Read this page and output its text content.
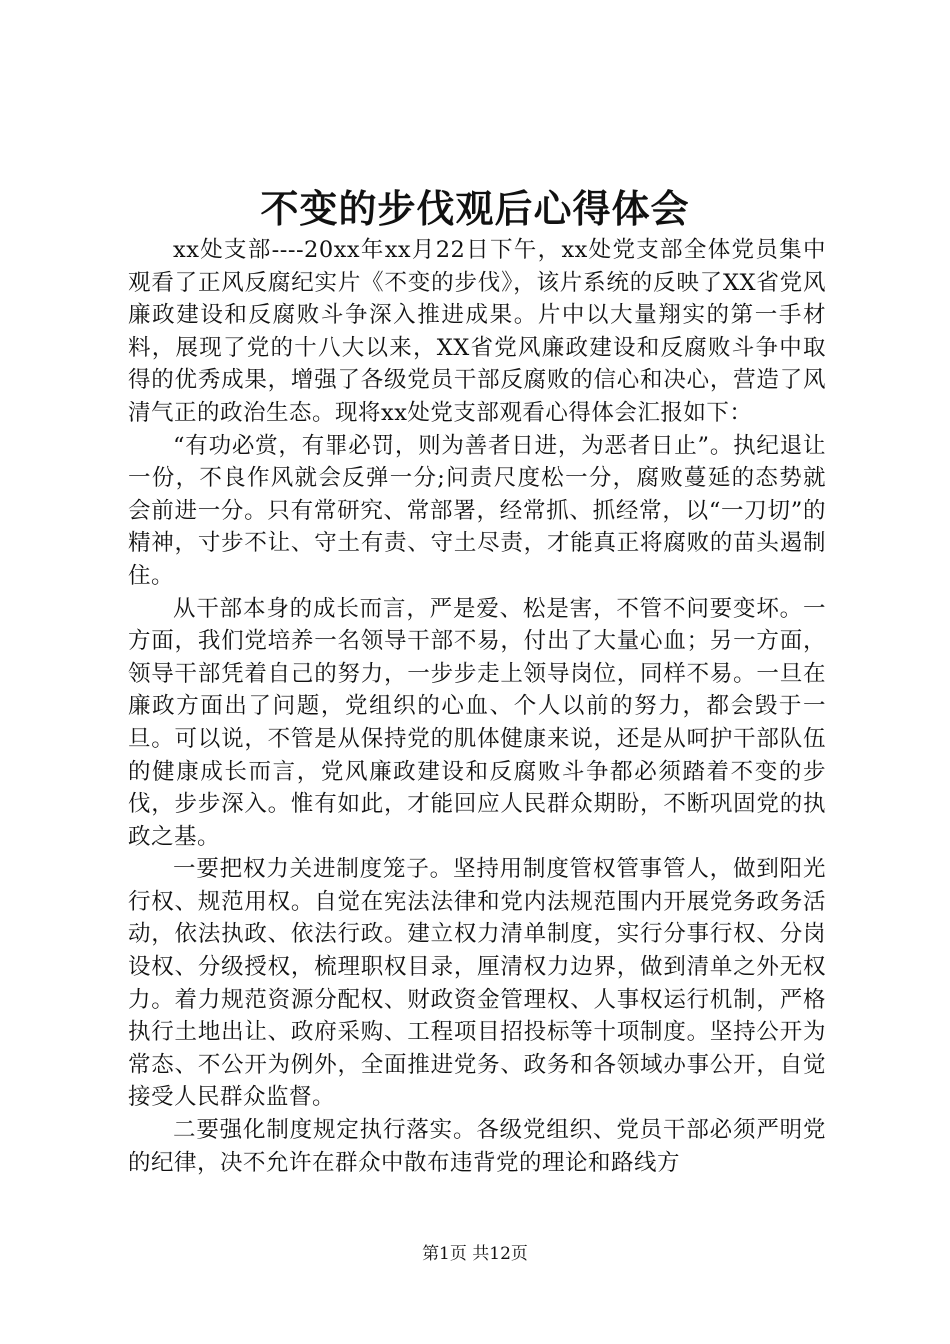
不变的步伐观后心得体会

xx处支部----20xx年xx月22日下午，xx处党支部全体党员集中观看了正风反腐纪实片《不变的步伐》，该片系统的反映了XX省党风廉政建设和反腐败斗争深入推进成果。片中以大量翔实的第一手材料，展现了党的十八大以来，XX省党风廉政建设和反腐败斗争中取得的优秀成果，增强了各级党员干部反腐败的信心和决心，营造了风清气正的政治生态。现将xx处党支部观看心得体会汇报如下：

“有功必赏，有罪必罚，则为善者日进，为恶者日止”。执纪退让一份，不良作风就会反弹一分;问责尺度松一分，腐败蔓延的态势就会前进一分。只有常研究、常部署，经常抓、抓经常，以“一刀切”的精神，寸步不让、守土有责、守土尽责，才能真正将腐败的苗头遏制住。

从干部本身的成长而言，严是爱、松是害，不管不问要变坏。一方面，我们党培养一名领导干部不易，付出了大量心血；另一方面，领导干部凭着自己的努力，一步步走上领导岗位，同样不易。一旦在廉政方面出了问题，党组织的心血、个人以前的努力，都会毁于一旦。可以说，不管是从保持党的肌体健康来说，还是从呵护干部队伍的健康成长而言，党风廉政建设和反腐败斗争都必须踏着不变的步伐，步步深入。惟有如此，才能回应人民群众期盼，不断巩固党的执政之基。

一要把权力关进制度笼子。坚持用制度管权管事管人，做到阳光行权、规范用权。自觉在宪法法律和党内法规范围内开展党务政务活动，依法执政、依法行政。建立权力清单制度，实行分事行权、分岗设权、分级授权，梳理职权目录，厘清权力边界，做到清单之外无权力。着力规范资源分配权、财政资金管理权、人事权运行机制，严格执行土地出让、政府采购、工程项目招投标等十项制度。坚持公开为常态、不公开为例外，全面推进党务、政务和各领域办事公开，自觉接受人民群众监督。

二要强化制度规定执行落实。各级党组织、党员干部必须严明党的纪律，决不允许在群众中散布违背党的理论和路线方

第1页 共12页
